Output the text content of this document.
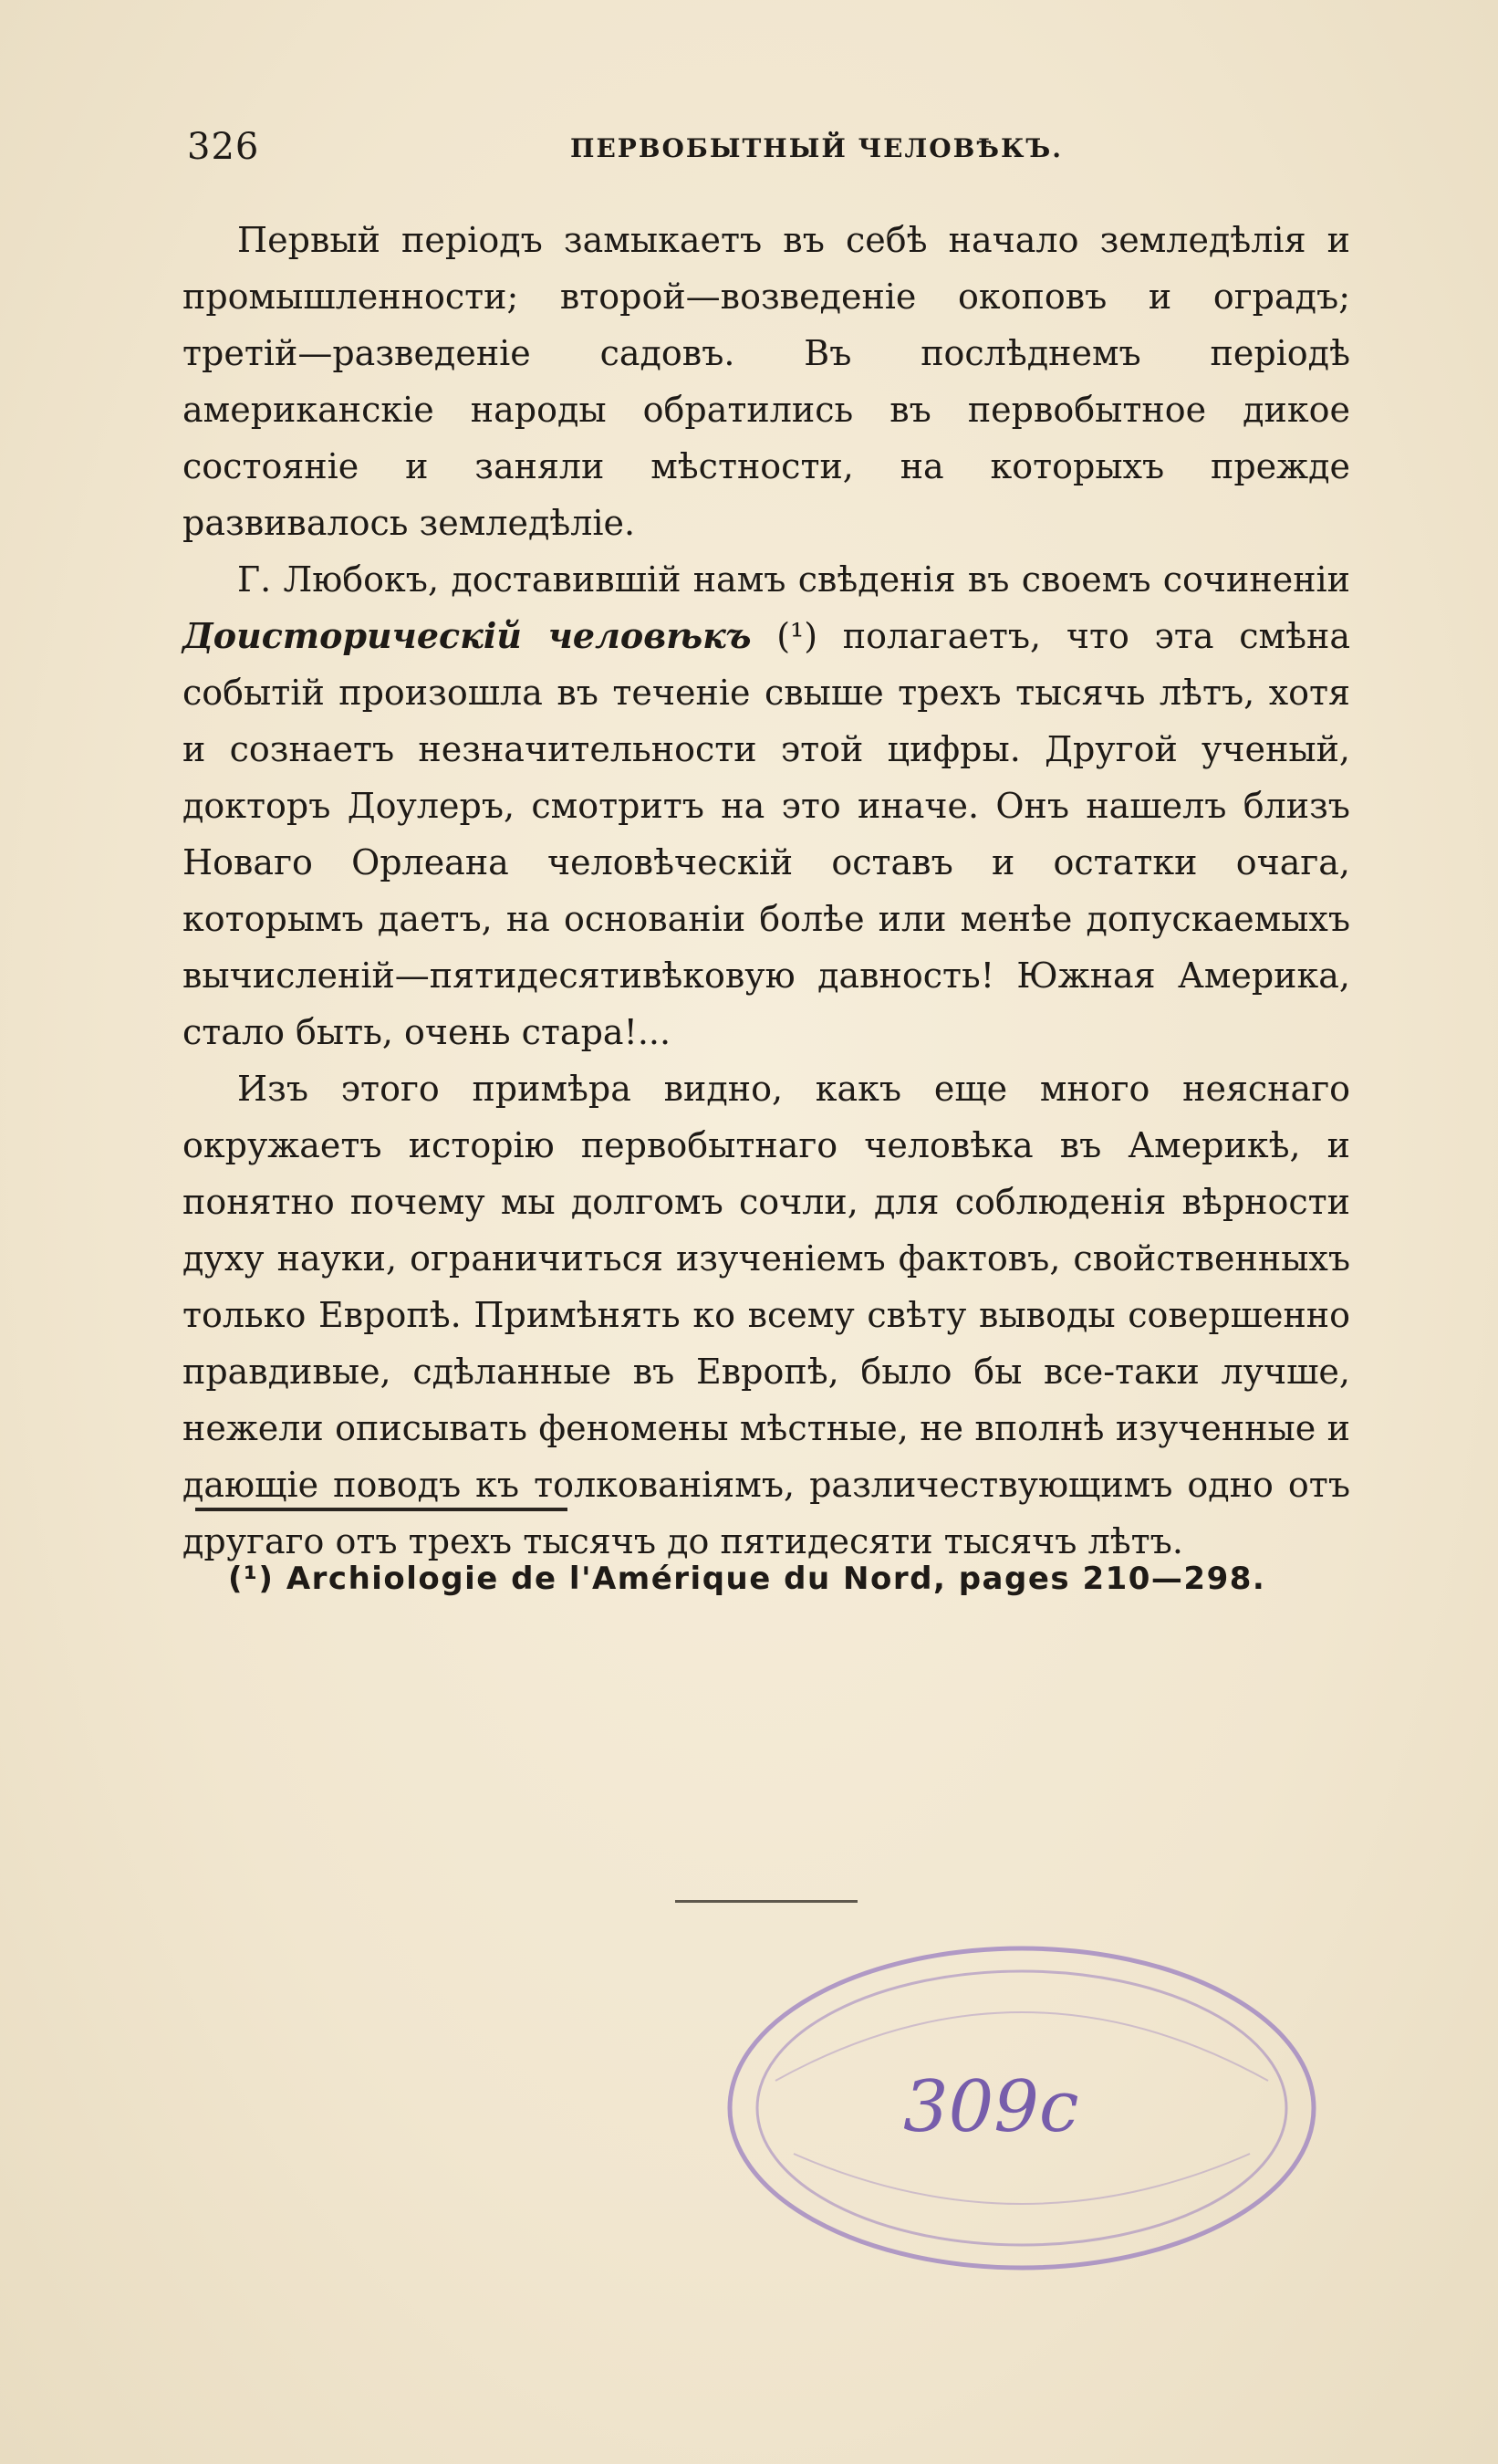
326	ПЕРВОБЫТНЫЙ ЧЕЛОВѢКЪ.

Первый періодъ замыкаетъ въ себѣ начало земледѣлія и промышленности; второй—возведеніе окоповъ и оградъ; третій—разведеніе садовъ. Въ послѣднемъ періодѣ американскіе народы обратились въ первобытное дикое состояніе и заняли мѣстности, на которыхъ прежде развивалось земледѣліе.

Г. Любокъ, доставившій намъ свѣденія въ своемъ сочиненіи Доисторическій человѣкъ (¹) полагаетъ, что эта смѣна событій произошла въ теченіе свыше трехъ тысячь лѣтъ, хотя и сознаетъ незначительности этой цифры. Другой ученый, докторъ Доулеръ, смотритъ на это иначе. Онъ нашелъ близъ Новаго Орлеана человѣческій оставъ и остатки очага, которымъ даетъ, на основаніи болѣе или менѣе допускаемыхъ вычисленій—пятидесятивѣковую давность! Южная Америка, стало быть, очень стара!...

Изъ этого примѣра видно, какъ еще много неяснаго окружаетъ исторію первобытнаго человѣка въ Америкѣ, и понятно почему мы долгомъ сочли, для соблюденія вѣрности духу науки, ограничиться изученіемъ фактовъ, свойственныхъ только Европѣ. Примѣнять ко всему свѣту выводы совершенно правдивые, сдѣланные въ Европѣ, было бы все-таки лучше, нежели описывать феномены мѣстные, не вполнѣ изученные и дающіе поводъ къ толкованіямъ, различествующимъ одно отъ другаго отъ трехъ тысячъ до пятидесяти тысячъ лѣтъ.

(¹) Archiologie de l'Amérique du Nord, pages 210—298.
309с
